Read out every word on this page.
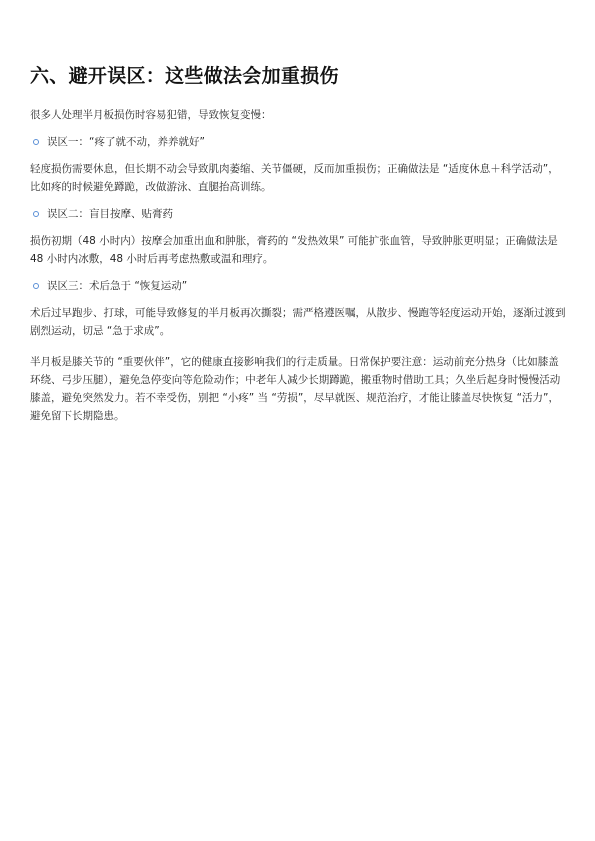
六、避开误区：这些做法会加重损伤

很多人处理半月板损伤时容易犯错，导致恢复变慢：

误区一：“疼了就不动，养养就好”

轻度损伤需要休息，但长期不动会导致肌肉萎缩、关节僵硬，反而加重损伤；正确做法是 “适度休息＋科学活动”，比如疼的时候避免蹲跪，改做游泳、直腿抬高训练。

误区二：盲目按摩、贴膏药

损伤初期（48 小时内）按摩会加重出血和肿胀，膏药的 “发热效果” 可能扩张血管，导致肿胀更明显；正确做法是 48 小时内冰敷，48 小时后再考虑热敷或温和理疗。

误区三：术后急于 “恢复运动”

术后过早跑步、打球，可能导致修复的半月板再次撕裂；需严格遵医嘱，从散步、慢跑等轻度运动开始，逐渐过渡到剧烈运动，切忌 “急于求成”。

半月板是膝关节的 “重要伙伴”，它的健康直接影响我们的行走质量。日常保护要注意：运动前充分热身（比如膝盖环绕、弓步压腿），避免急停变向等危险动作；中老年人减少长期蹲跪，搬重物时借助工具；久坐后起身时慢慢活动膝盖，避免突然发力。若不幸受伤，别把 “小疼” 当 “劳损”，尽早就医、规范治疗，才能让膝盖尽快恢复 “活力”，避免留下长期隐患。
